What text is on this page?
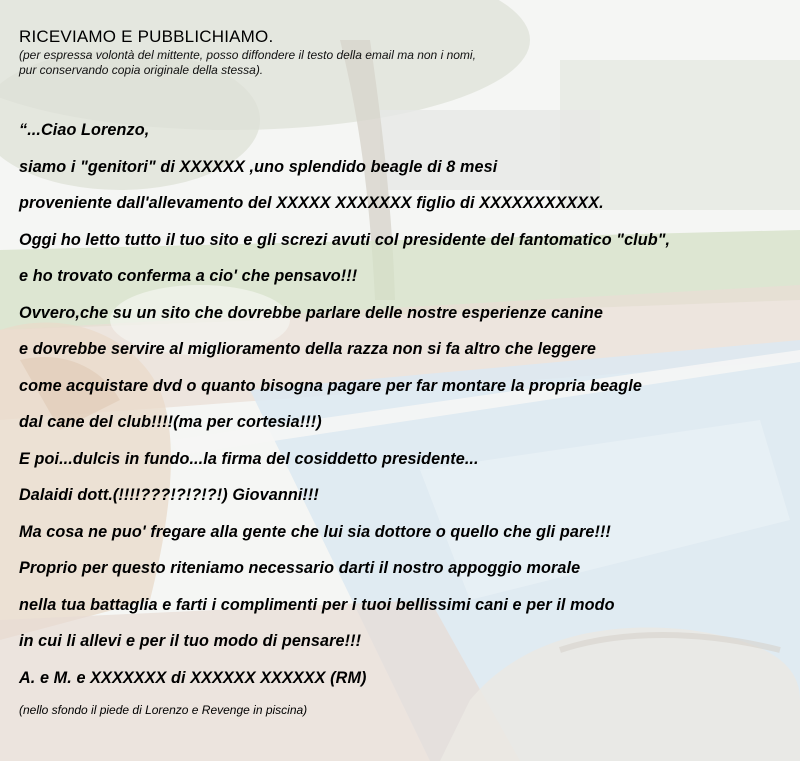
RICEVIAMO E PUBBLICHIAMO.

(per espressa volontà del mittente, posso diffondere il testo della email ma non i nomi,

pur conservando copia originale della stessa).

“...Ciao Lorenzo,
siamo i "genitori" di XXXXXX ,uno splendido beagle di 8 mesi
proveniente dall'allevamento del XXXXX XXXXXXX figlio di XXXXXXXXXXX.
Oggi ho letto tutto il tuo sito e gli screzi avuti col presidente del fantomatico "club",
e ho trovato conferma a cio' che pensavo!!!
Ovvero,che su un sito che dovrebbe parlare delle nostre esperienze canine
e dovrebbe servire al miglioramento della razza non si fa altro che leggere
come acquistare dvd o quanto bisogna pagare per far montare la propria beagle
dal cane del club!!!!(ma per cortesia!!!)
E poi...dulcis in fundo...la firma del cosiddetto presidente...
Dalaidi dott.(!!!!???!?!?!?!) Giovanni!!!
Ma cosa ne puo' fregare alla gente che lui sia dottore o quello che gli pare!!!
Proprio per questo riteniamo necessario darti il nostro appoggio morale
nella tua battaglia e farti i complimenti per i tuoi bellissimi cani e per il modo
in cui li allevi e per il tuo modo di pensare!!!
A. e M. e XXXXXXX di XXXXXX XXXXXX (RM)
(nello sfondo il piede di Lorenzo e Revenge in piscina)
